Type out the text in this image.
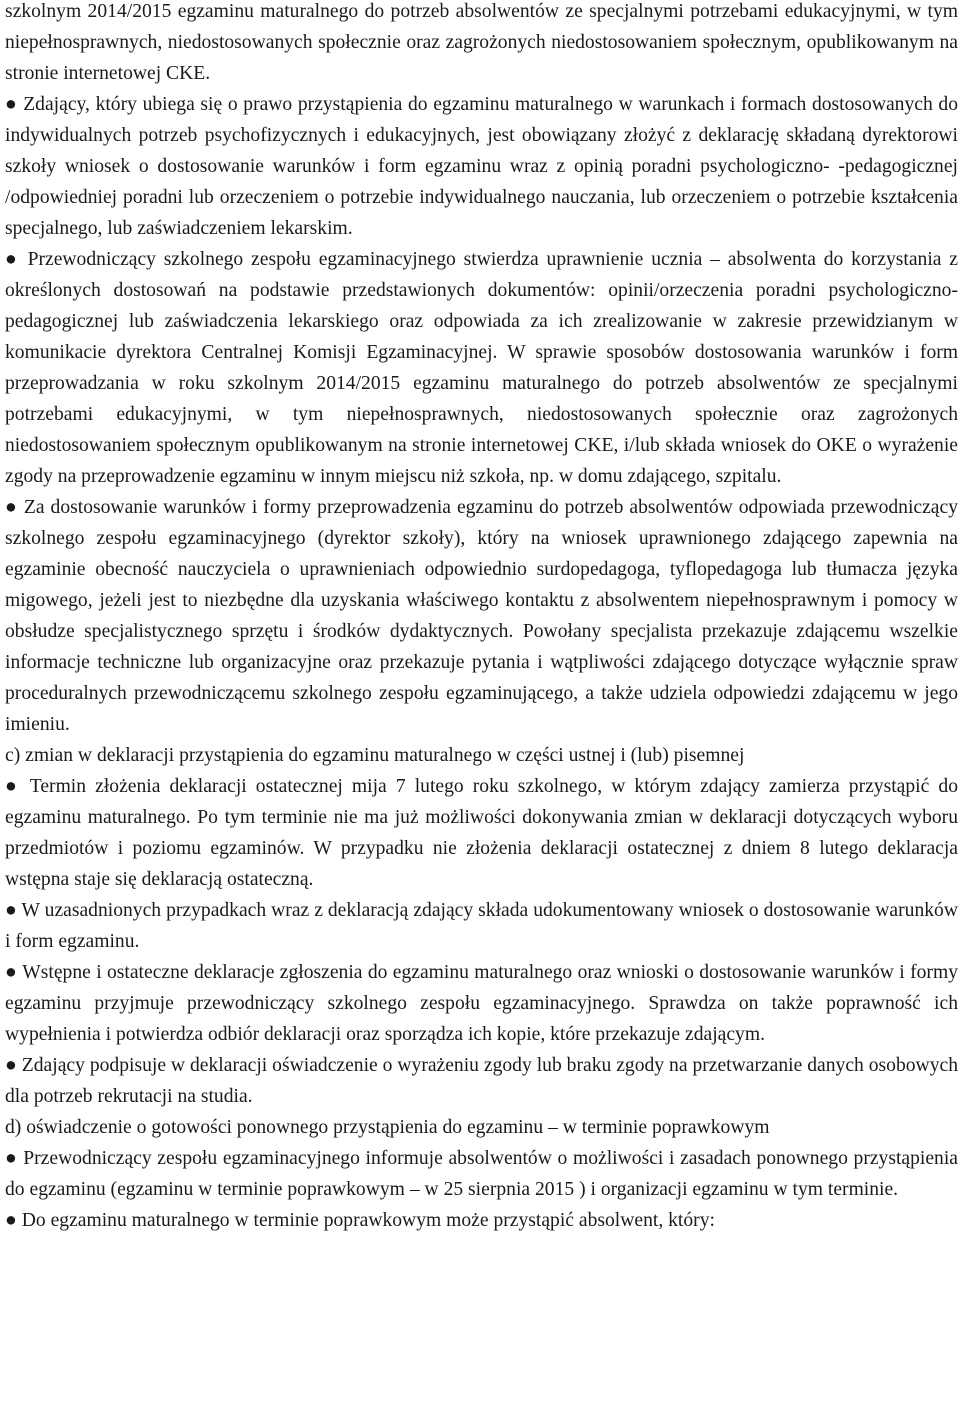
szkolnym 2014/2015 egzaminu maturalnego do potrzeb absolwentów ze specjalnymi potrzebami edukacyjnymi, w tym niepełnosprawnych, niedostosowanych społecznie oraz zagrożonych niedostosowaniem społecznym, opublikowanym na stronie internetowej CKE.

● Zdający, który ubiega się o prawo przystąpienia do egzaminu maturalnego w warunkach i formach dostosowanych do indywidualnych potrzeb psychofizycznych i edukacyjnych, jest obowiązany złożyć z deklarację składaną dyrektorowi szkoły wniosek o dostosowanie warunków i form egzaminu wraz z opinią poradni psychologiczno- -pedagogicznej /odpowiedniej poradni lub orzeczeniem o potrzebie indywidualnego nauczania, lub orzeczeniem o potrzebie kształcenia specjalnego, lub zaświadczeniem lekarskim.

● Przewodniczący szkolnego zespołu egzaminacyjnego stwierdza uprawnienie ucznia – absolwenta do korzystania z określonych dostosowań na podstawie przedstawionych dokumentów: opinii/orzeczenia poradni psychologiczno-pedagogicznej lub zaświadczenia lekarskiego oraz odpowiada za ich zrealizowanie w zakresie przewidzianym w komunikacie dyrektora Centralnej Komisji Egzaminacyjnej. W sprawie sposobów dostosowania warunków i form przeprowadzania w roku szkolnym 2014/2015 egzaminu maturalnego do potrzeb absolwentów ze specjalnymi potrzebami edukacyjnymi, w tym niepełnosprawnych, niedostosowanych społecznie oraz zagrożonych niedostosowaniem społecznym opublikowanym na stronie internetowej CKE, i/lub składa wniosek do OKE o wyrażenie zgody na przeprowadzenie egzaminu w innym miejscu niż szkoła, np. w domu zdającego, szpitalu.

● Za dostosowanie warunków i formy przeprowadzenia egzaminu do potrzeb absolwentów odpowiada przewodniczący szkolnego zespołu egzaminacyjnego (dyrektor szkoły), który na wniosek uprawnionego zdającego zapewnia na egzaminie obecność nauczyciela o uprawnieniach odpowiednio surdopedagoga, tyflopedagoga lub tłumacza języka migowego, jeżeli jest to niezbędne dla uzyskania właściwego kontaktu z absolwentem niepełnosprawnym i pomocy w obsłudze specjalistycznego sprzętu i środków dydaktycznych. Powołany specjalista przekazuje zdającemu wszelkie informacje techniczne lub organizacyjne oraz przekazuje pytania i wątpliwości zdającego dotyczące wyłącznie spraw proceduralnych przewodniczącemu szkolnego zespołu egzaminującego, a także udziela odpowiedzi zdającemu w jego imieniu.

c) zmian w deklaracji przystąpienia do egzaminu maturalnego w części ustnej i (lub) pisemnej

● Termin złożenia deklaracji ostatecznej mija 7 lutego roku szkolnego, w którym zdający zamierza przystąpić do egzaminu maturalnego. Po tym terminie nie ma już możliwości dokonywania zmian w deklaracji dotyczących wyboru przedmiotów i poziomu egzaminów. W przypadku nie złożenia deklaracji ostatecznej z dniem 8 lutego deklaracja wstępna staje się deklaracją ostateczną.

● W uzasadnionych przypadkach wraz z deklaracją zdający składa udokumentowany wniosek o dostosowanie warunków i form egzaminu.

● Wstępne i ostateczne deklaracje zgłoszenia do egzaminu maturalnego oraz wnioski o dostosowanie warunków i formy egzaminu przyjmuje przewodniczący szkolnego zespołu egzaminacyjnego. Sprawdza on także poprawność ich wypełnienia i potwierdza odbiór deklaracji oraz sporządza ich kopie, które przekazuje zdającym.

● Zdający podpisuje w deklaracji oświadczenie o wyrażeniu zgody lub braku zgody na przetwarzanie danych osobowych dla potrzeb rekrutacji na studia.

d) oświadczenie o gotowości ponownego przystąpienia do egzaminu – w terminie poprawkowym

● Przewodniczący zespołu egzaminacyjnego informuje absolwentów o możliwości i zasadach ponownego przystąpienia do egzaminu (egzaminu w terminie poprawkowym – w 25 sierpnia 2015 ) i organizacji egzaminu w tym terminie.

● Do egzaminu maturalnego w terminie poprawkowym może przystąpić absolwent, który:
